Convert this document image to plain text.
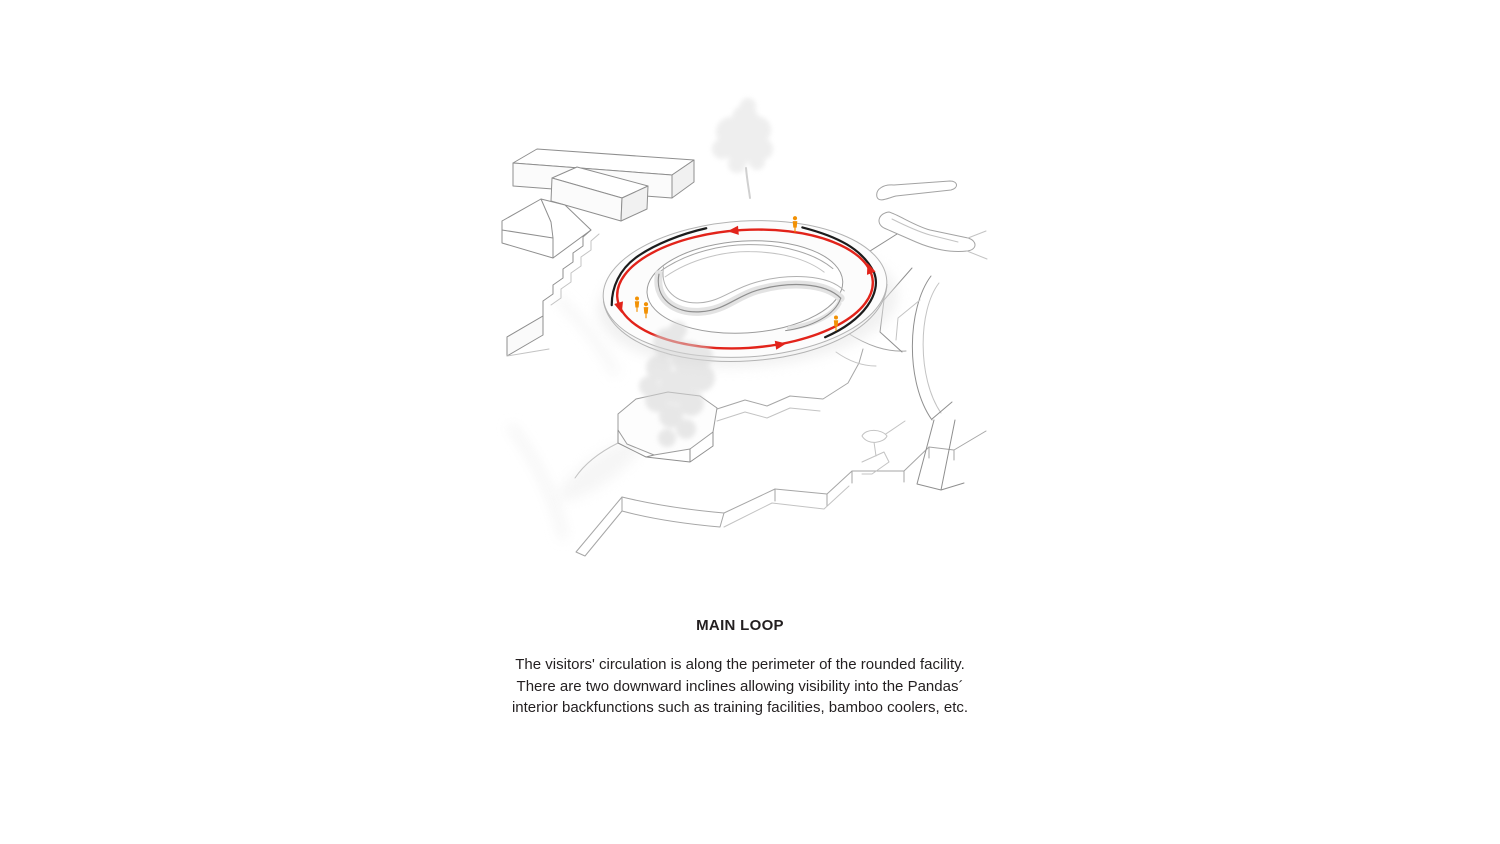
MAIN LOOP
The visitors' circulation is along the perimeter of the rounded facility.
There are two downward inclines allowing visibility into the Pandas´
interior backfunctions such as training facilities, bamboo coolers, etc.
